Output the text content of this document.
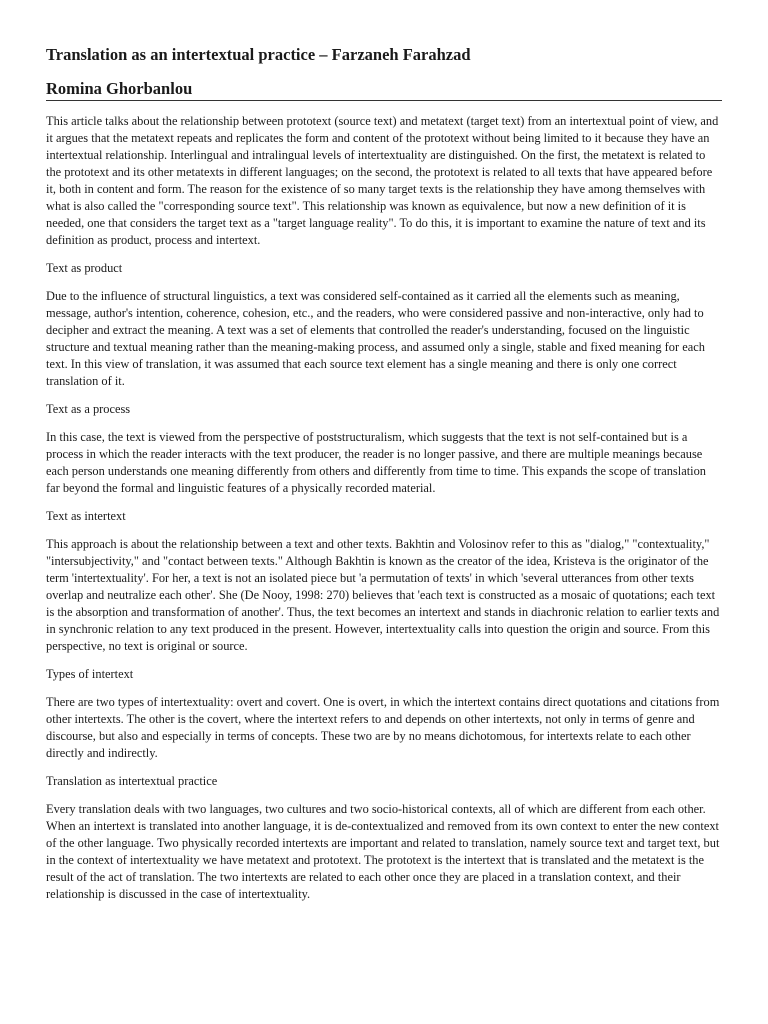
Translation as an intertextual practice – Farzaneh Farahzad
Romina Ghorbanlou

This article talks about the relationship between prototext (source text) and metatext (target text) from an intertextual point of view, and it argues that the metatext repeats and replicates the form and content of the prototext without being limited to it because they have an intertextual relationship. Interlingual and intralingual levels of intertextuality are distinguished. On the first, the metatext is related to the prototext and its other metatexts in different languages; on the second, the prototext is related to all texts that have appeared before it, both in content and form. The reason for the existence of so many target texts is the relationship they have among themselves with what is also called the "corresponding source text". This relationship was known as equivalence, but now a new definition of it is needed, one that considers the target text as a "target language reality". To do this, it is important to examine the nature of text and its definition as product, process and intertext.

Text as product

Due to the influence of structural linguistics, a text was considered self-contained as it carried all the elements such as meaning, message, author's intention, coherence, cohesion, etc., and the readers, who were considered passive and non-interactive, only had to decipher and extract the meaning. A text was a set of elements that controlled the reader's understanding, focused on the linguistic structure and textual meaning rather than the meaning-making process, and assumed only a single, stable and fixed meaning for each text. In this view of translation, it was assumed that each source text element has a single meaning and there is only one correct translation of it.

Text as a process

In this case, the text is viewed from the perspective of poststructuralism, which suggests that the text is not self-contained but is a process in which the reader interacts with the text producer, the reader is no longer passive, and there are multiple meanings because each person understands one meaning differently from others and differently from time to time. This expands the scope of translation far beyond the formal and linguistic features of a physically recorded material.

Text as intertext

This approach is about the relationship between a text and other texts. Bakhtin and Volosinov refer to this as "dialog," "contextuality," "intersubjectivity," and "contact between texts." Although Bakhtin is known as the creator of the idea, Kristeva is the originator of the term 'intertextuality'. For her, a text is not an isolated piece but 'a permutation of texts' in which 'several utterances from other texts overlap and neutralize each other'. She (De Nooy, 1998: 270) believes that 'each text is constructed as a mosaic of quotations; each text is the absorption and transformation of another'. Thus, the text becomes an intertext and stands in diachronic relation to earlier texts and in synchronic relation to any text produced in the present. However, intertextuality calls into question the origin and source. From this perspective, no text is original or source.

Types of intertext

There are two types of intertextuality: overt and covert. One is overt, in which the intertext contains direct quotations and citations from other intertexts. The other is the covert, where the intertext refers to and depends on other intertexts, not only in terms of genre and discourse, but also and especially in terms of concepts. These two are by no means dichotomous, for intertexts relate to each other directly and indirectly.

Translation as intertextual practice

Every translation deals with two languages, two cultures and two socio-historical contexts, all of which are different from each other. When an intertext is translated into another language, it is de-contextualized and removed from its own context to enter the new context of the other language. Two physically recorded intertexts are important and related to translation, namely source text and target text, but in the context of intertextuality we have metatext and prototext. The prototext is the intertext that is translated and the metatext is the result of the act of translation. The two intertexts are related to each other once they are placed in a translation context, and their relationship is discussed in the case of intertextuality.
